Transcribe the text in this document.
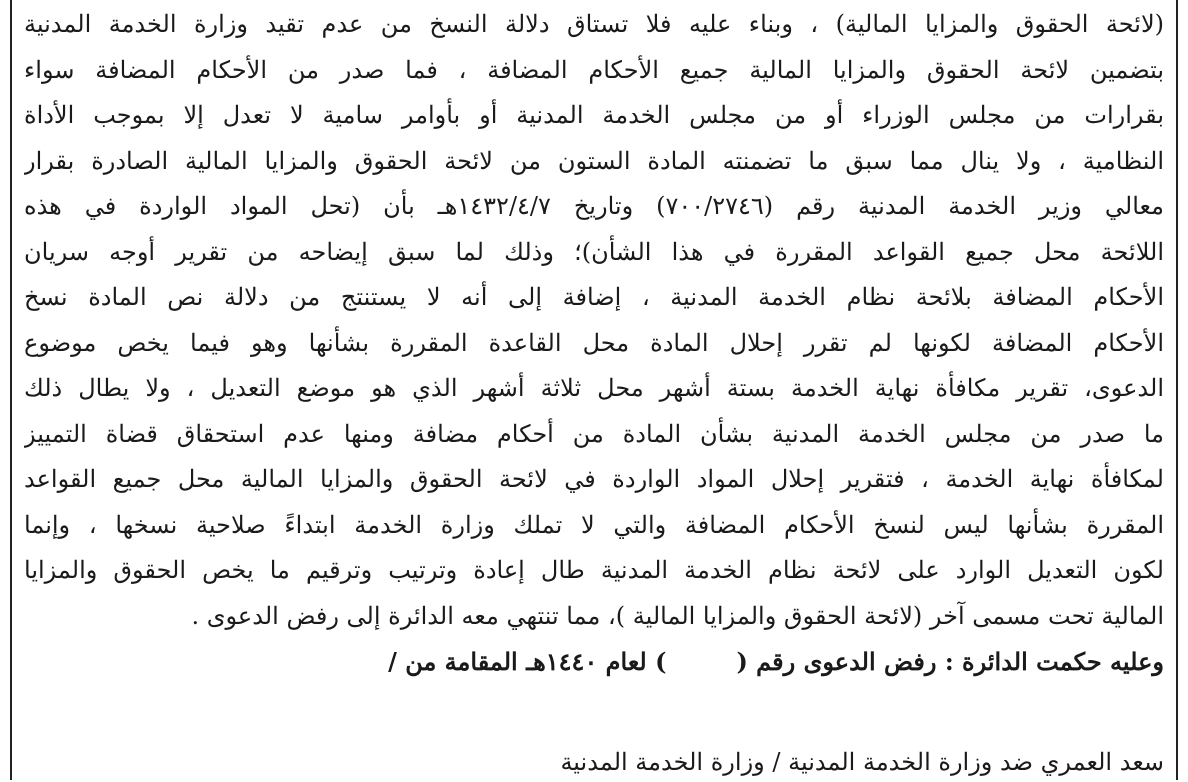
(لائحة الحقوق والمزايا المالية) ، وبناء عليه فلا تستاق دلالة النسخ من عدم تقيد وزارة الخدمة المدنية
بتضمين لائحة الحقوق والمزايا المالية جميع الأحكام المضافة ، فما صدر من الأحكام المضافة سواء
بقرارات من مجلس الوزراء أو من مجلس الخدمة المدنية أو بأوامر سامية لا تعدل إلا بموجب الأداة
النظامية ، ولا ينال مما سبق ما تضمنته المادة الستون من لائحة الحقوق والمزايا المالية الصادرة بقرار
معالي وزير الخدمة المدنية رقم (٧٠٠/٢٧٤٦) وتاريخ ١٤٣٢/٤/٧هـ بأن (تحل المواد الواردة في هذه
اللائحة محل جميع القواعد المقررة في هذا الشأن)؛ وذلك لما سبق إيضاحه من تقرير أوجه سريان
الأحكام المضافة بلائحة نظام الخدمة المدنية ، إضافة إلى أنه لا يستنتج من دلالة نص المادة نسخ
الأحكام المضافة لكونها لم تقرر إحلال المادة محل القاعدة المقررة بشأنها وهو فيما يخص موضوع
الدعوى، تقرير مكافأة نهاية الخدمة بستة أشهر محل ثلاثة أشهر الذي هو موضع التعديل ، ولا يطال ذلك
ما صدر من مجلس الخدمة المدنية بشأن المادة من أحكام مضافة ومنها عدم استحقاق قضاة التمييز
لمكافأة نهاية الخدمة ، فتقرير إحلال المواد الواردة في لائحة الحقوق والمزايا المالية محل جميع القواعد
المقررة بشأنها ليس لنسخ الأحكام المضافة والتي لا تملك وزارة الخدمة ابتداءً صلاحية نسخها ، وإنما
لكون التعديل الوارد على لائحة نظام الخدمة المدنية طال إعادة وترتيب وترقيم ما يخص الحقوق والمزايا
المالية تحت مسمى آخر (لائحة الحقوق والمزايا المالية )، مما تنتهي معه الدائرة إلى رفض الدعوى .
وعليه حكمت الدائرة : رفض الدعوى رقم () لعام ١٤٤٠هـ المقامة من /
سعد العمري ضد وزارة الخدمة المدنية / وزارة الخدمة المدنية
